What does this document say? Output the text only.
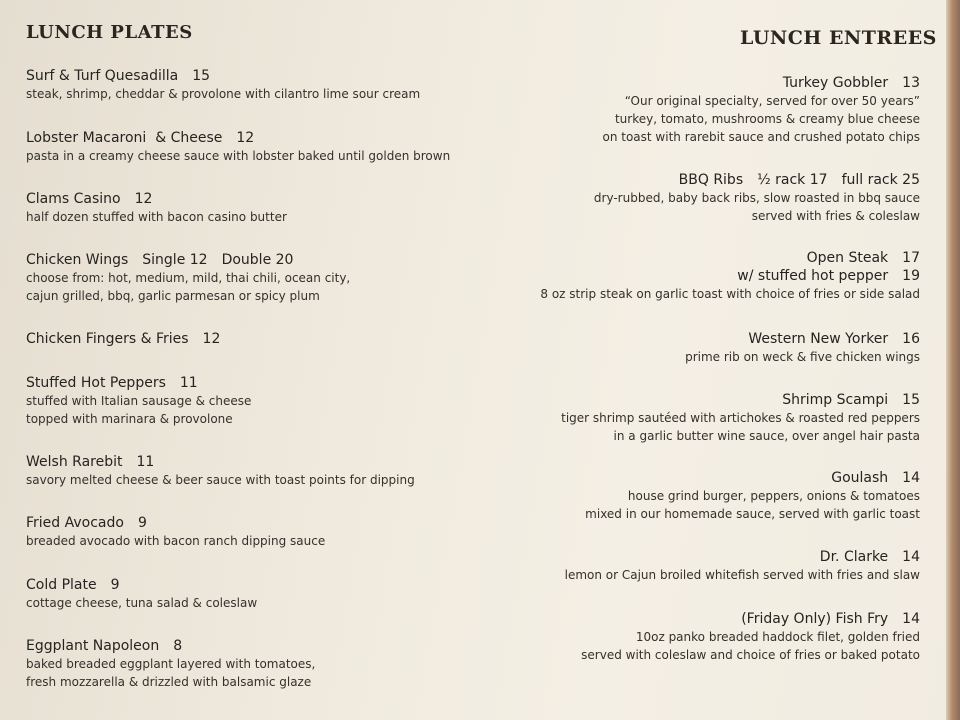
LUNCH PLATES	LUNCH ENTREES
Surf & Turf Quesadilla 15
steak, shrimp, cheddar & provolone with cilantro lime sour cream
Lobster Macaroni  & Cheese 12
pasta in a creamy cheese sauce with lobster baked until golden brown
Clams Casino 12
half dozen stuffed with bacon casino butter
Chicken Wings Single 12 Double 20
choose from: hot, medium, mild, thai chili, ocean city,
cajun grilled, bbq, garlic parmesan or spicy plum
Chicken Fingers & Fries 12
Stuffed Hot Peppers 11
stuffed with Italian sausage & cheese
topped with marinara & provolone
Welsh Rarebit 11
savory melted cheese & beer sauce with toast points for dipping
Fried Avocado 9
breaded avocado with bacon ranch dipping sauce
Cold Plate 9
cottage cheese, tuna salad & coleslaw
Eggplant Napoleon 8
baked breaded eggplant layered with tomatoes,
fresh mozzarella & drizzled with balsamic glaze
Turkey Gobbler 13
“Our original specialty, served for over 50 years”
turkey, tomato, mushrooms & creamy blue cheese
on toast with rarebit sauce and crushed potato chips
BBQ Ribs ½ rack 17 full rack 25
dry-rubbed, baby back ribs, slow roasted in bbq sauce
served with fries & coleslaw
Open Steak 17
w/ stuffed hot pepper 19
8 oz strip steak on garlic toast with choice of fries or side salad
Western New Yorker 16
prime rib on weck & five chicken wings
Shrimp Scampi 15
tiger shrimp sautéed with artichokes & roasted red peppers
in a garlic butter wine sauce, over angel hair pasta
Goulash 14
house grind burger, peppers, onions & tomatoes
mixed in our homemade sauce, served with garlic toast
Dr. Clarke 14
lemon or Cajun broiled whitefish served with fries and slaw
(Friday Only) Fish Fry 14
10oz panko breaded haddock filet, golden fried
served with coleslaw and choice of fries or baked potato
